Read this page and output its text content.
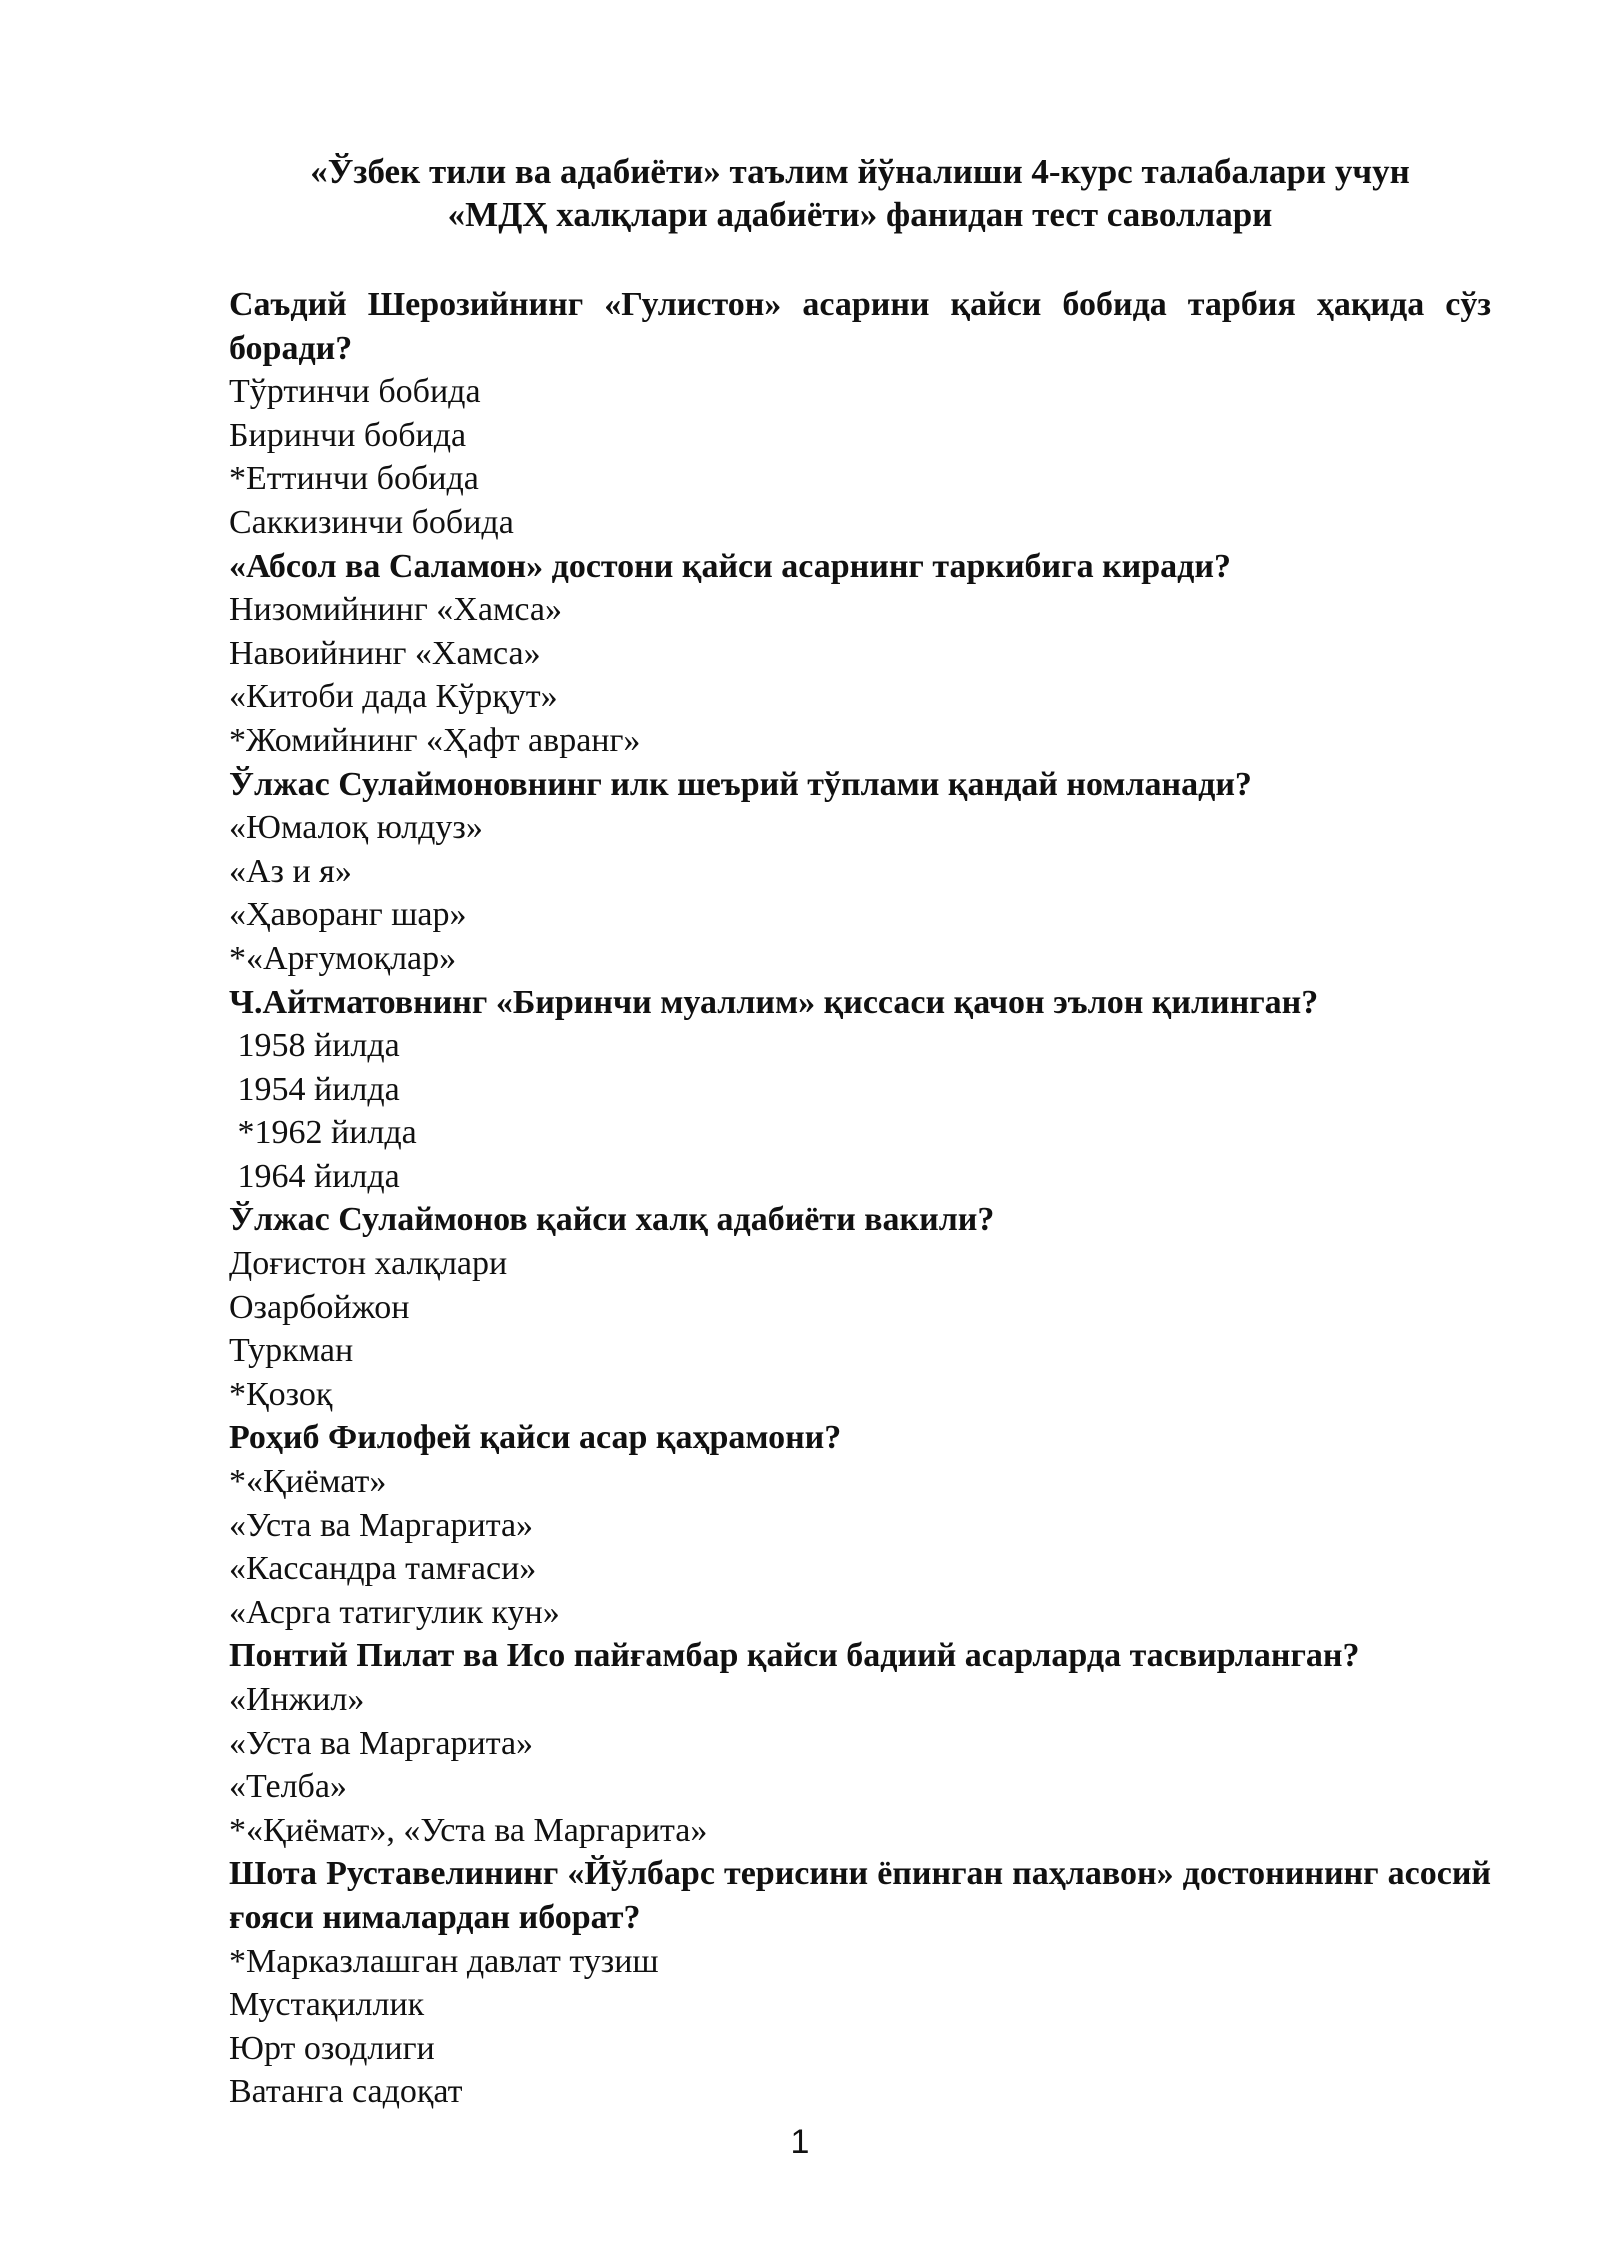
«Ўзбек тили ва адабиёти» таълим йўналиши 4-курс талабалари учун
«МДҲ халқлари адабиёти» фанидан тест саволлари
Саъдий Шерозийнинг «Гулистон» асарини қайси бобида тарбия ҳақида сўз боради?
Тўртинчи бобида
Биринчи бобида
*Еттинчи бобида
Саккизинчи бобида
«Абсол ва Саламон» достони қайси асарнинг таркибига киради?
Низомийнинг «Хамса»
Навоийнинг «Хамса»
«Китоби дада Кўрқут»
*Жомийнинг «Ҳафт авранг»
Ўлжас Сулаймоновнинг илк шеърий тўплами қандай номланади?
«Юмалоқ юлдуз»
«Аз и я»
«Ҳаворанг шар»
*«Арғумоқлар»
Ч.Айтматовнинг «Биринчи муаллим» қиссаси қачон эълон қилинган?
1958 йилда
1954 йилда
*1962 йилда
1964 йилда
Ўлжас Сулаймонов қайси халқ адабиёти вакили?
Доғистон халқлари
Озарбойжон
Туркман
*Қозоқ
Роҳиб Филофей қайси асар қаҳрамони?
*«Қиёмат»
«Уста ва Маргарита»
«Кассандра тамғаси»
«Асрга татигулик кун»
Понтий Пилат ва Исо пайғамбар қайси бадиий асарларда тасвирланган?
«Инжил»
«Уста ва Маргарита»
«Телба»
*«Қиёмат», «Уста ва Маргарита»
Шота Руставелининг «Йўлбарс терисини ёпинган паҳлавон» достонининг асосий ғояси нималардан иборат?
*Марказлашган давлат тузиш
Мустақиллик
Юрт озодлиги
Ватанга садоқат
1
